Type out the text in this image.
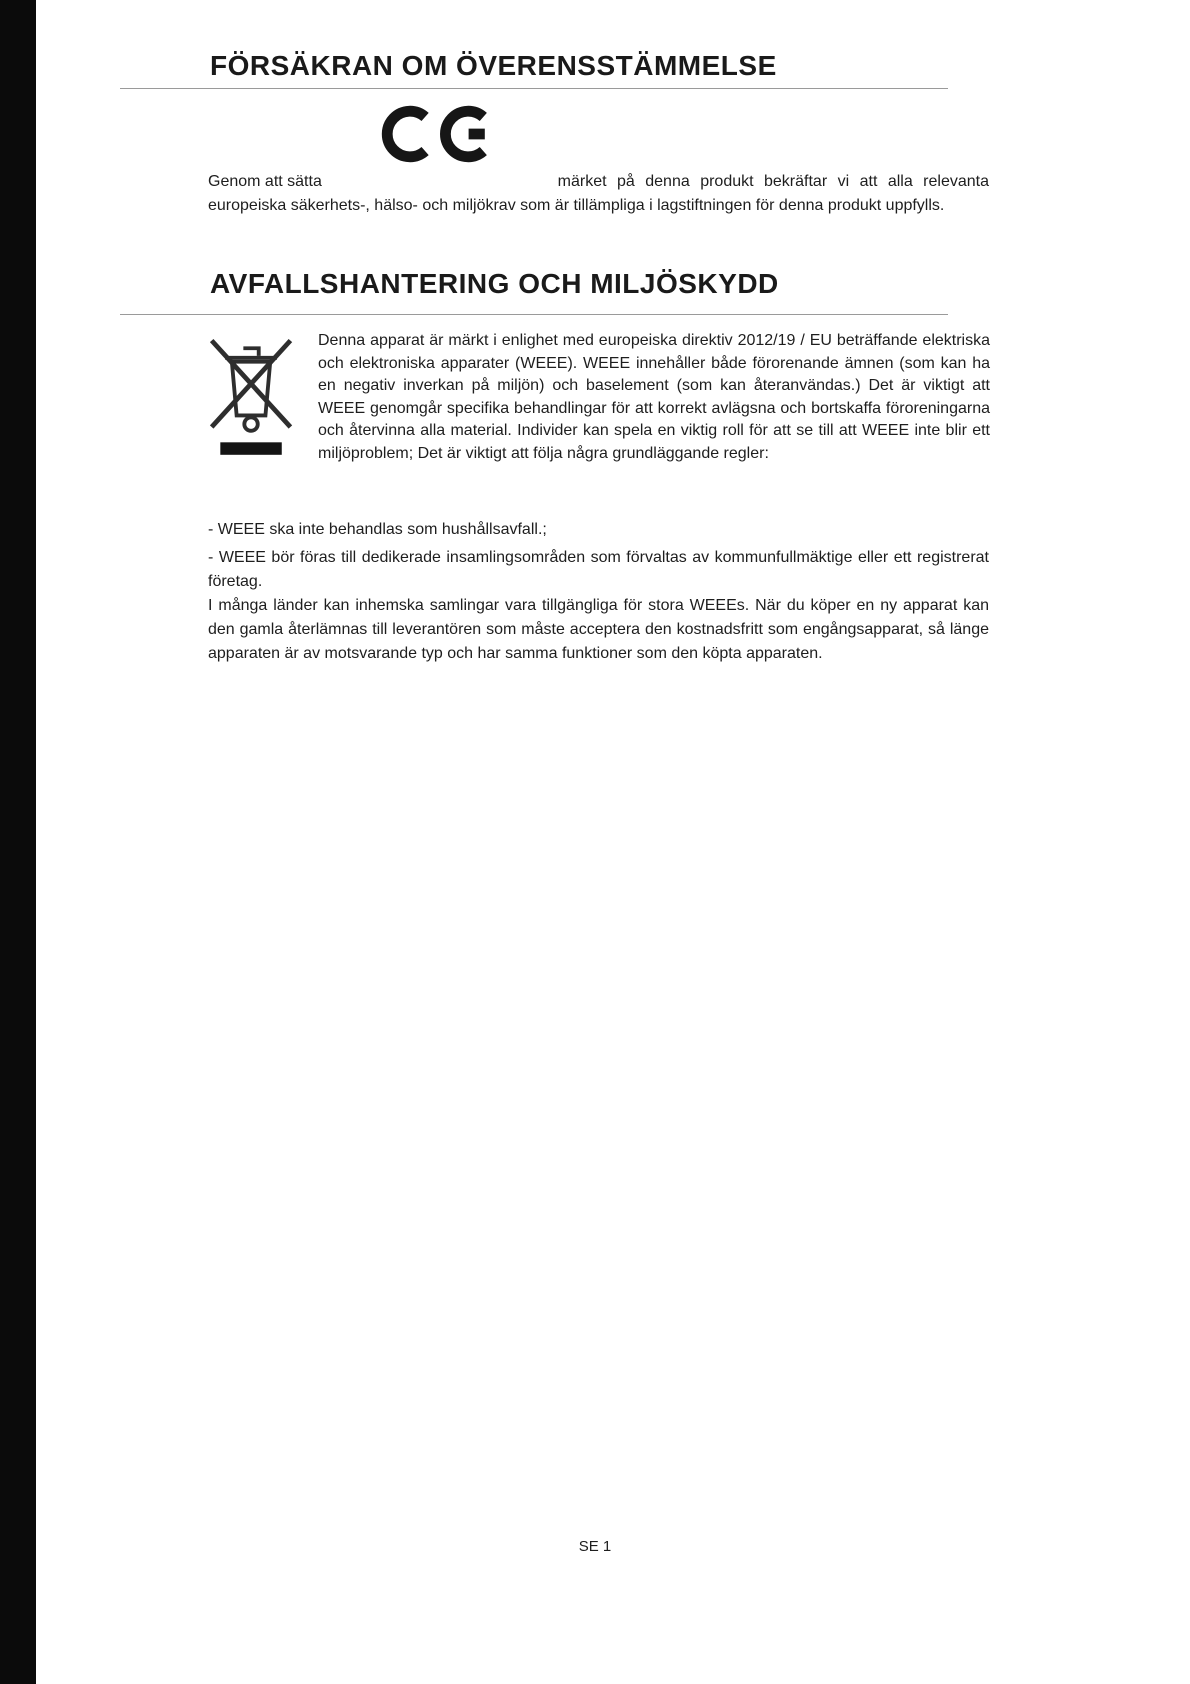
FÖRSÄKRAN OM ÖVERENSSTÄMMELSE

Genom att sätta	märket på denna produkt bekräftar vi att alla relevanta
europeiska säkerhets-, hälso- och miljökrav som är tillämpliga i lagstiftningen för denna produkt uppfylls.

AVFALLSHANTERING OCH MILJÖSKYDD

Denna apparat är märkt i enlighet med europeiska direktiv 2012/19 / EU beträffande elektriska och elektroniska apparater (WEEE). WEEE innehåller både förorenande ämnen (som kan ha en negativ inverkan på miljön) och baselement (som kan återanvändas.) Det är viktigt att WEEE genomgår specifika behandlingar för att korrekt avlägsna och bortskaffa föroreningarna och återvinna alla material. Individer kan spela en viktig roll för att se till att WEEE inte blir ett miljöproblem; Det är viktigt att följa några grundläggande regler:

- WEEE ska inte behandlas som hushållsavfall.;

- WEEE bör föras till dedikerade insamlingsområden som förvaltas av kommunfullmäktige eller ett registrerat företag.

I många länder kan inhemska samlingar vara tillgängliga för stora WEEEs. När du köper en ny apparat kan den gamla återlämnas till leverantören som måste acceptera den kostnadsfritt som engångsapparat, så länge apparaten är av motsvarande typ och har samma funktioner som den köpta apparaten.

SE 1
